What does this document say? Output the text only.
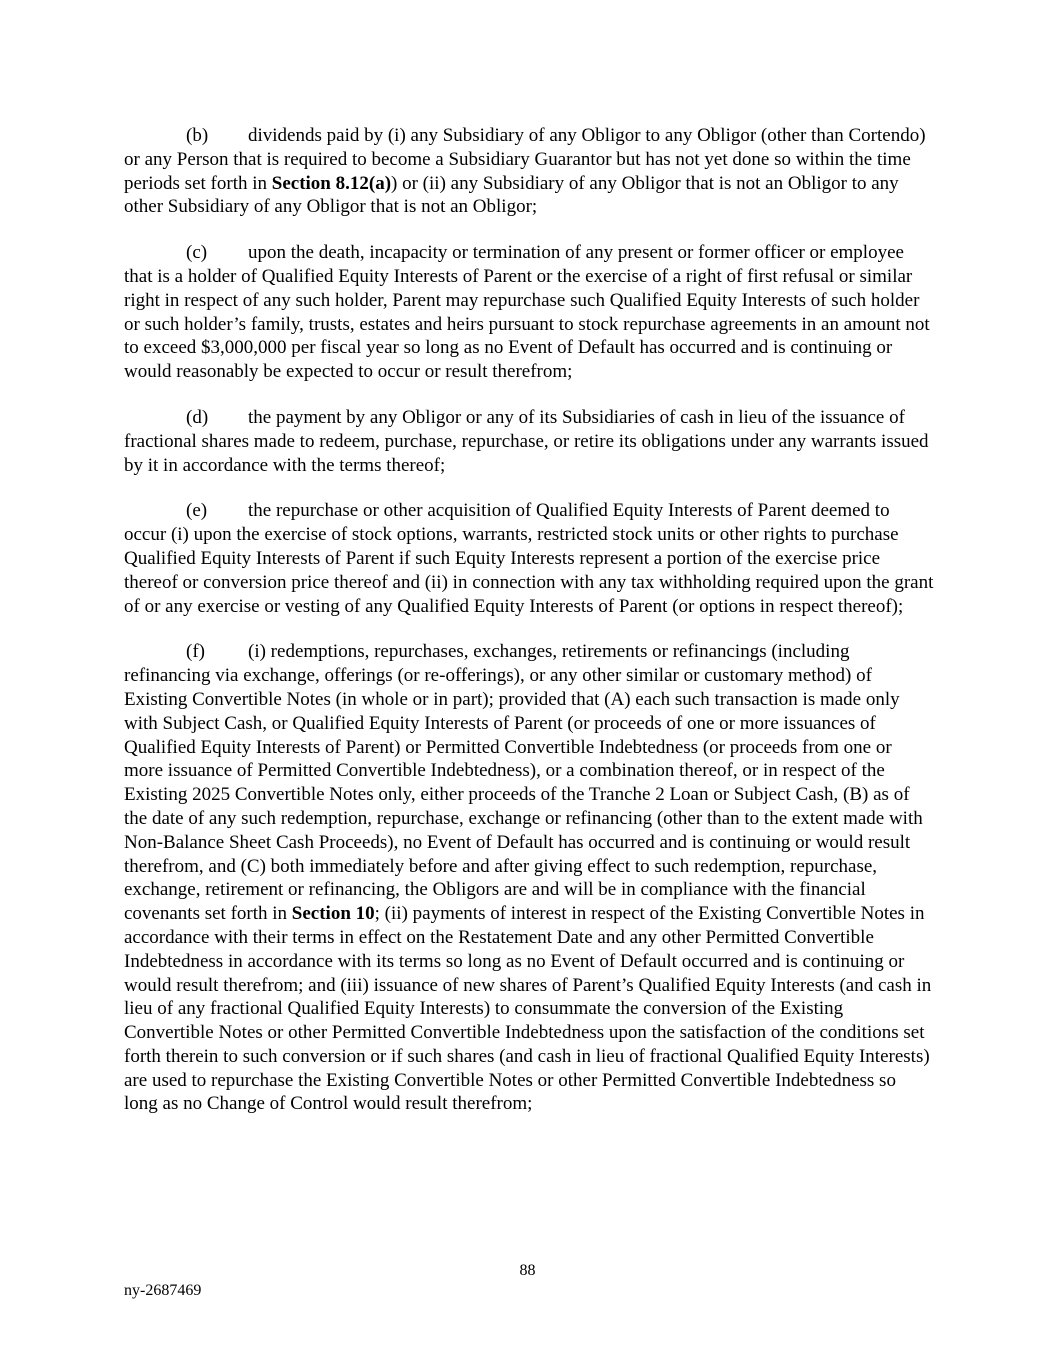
(b) dividends paid by (i) any Subsidiary of any Obligor to any Obligor (other than Cortendo) or any Person that is required to become a Subsidiary Guarantor but has not yet done so within the time periods set forth in Section 8.12(a)) or (ii) any Subsidiary of any Obligor that is not an Obligor to any other Subsidiary of any Obligor that is not an Obligor;

(c) upon the death, incapacity or termination of any present or former officer or employee that is a holder of Qualified Equity Interests of Parent or the exercise of a right of first refusal or similar right in respect of any such holder, Parent may repurchase such Qualified Equity Interests of such holder or such holder’s family, trusts, estates and heirs pursuant to stock repurchase agreements in an amount not to exceed $3,000,000 per fiscal year so long as no Event of Default has occurred and is continuing or would reasonably be expected to occur or result therefrom;

(d) the payment by any Obligor or any of its Subsidiaries of cash in lieu of the issuance of fractional shares made to redeem, purchase, repurchase, or retire its obligations under any warrants issued by it in accordance with the terms thereof;

(e) the repurchase or other acquisition of Qualified Equity Interests of Parent deemed to occur (i) upon the exercise of stock options, warrants, restricted stock units or other rights to purchase Qualified Equity Interests of Parent if such Equity Interests represent a portion of the exercise price thereof or conversion price thereof and (ii) in connection with any tax withholding required upon the grant of or any exercise or vesting of any Qualified Equity Interests of Parent (or options in respect thereof);

(f) (i) redemptions, repurchases, exchanges, retirements or refinancings (including refinancing via exchange, offerings (or re-offerings), or any other similar or customary method) of Existing Convertible Notes (in whole or in part); provided that (A) each such transaction is made only with Subject Cash, or Qualified Equity Interests of Parent (or proceeds of one or more issuances of Qualified Equity Interests of Parent) or Permitted Convertible Indebtedness (or proceeds from one or more issuance of Permitted Convertible Indebtedness), or a combination thereof, or in respect of the Existing 2025 Convertible Notes only, either proceeds of the Tranche 2 Loan or Subject Cash, (B) as of the date of any such redemption, repurchase, exchange or refinancing (other than to the extent made with Non-Balance Sheet Cash Proceeds), no Event of Default has occurred and is continuing or would result therefrom, and (C) both immediately before and after giving effect to such redemption, repurchase, exchange, retirement or refinancing, the Obligors are and will be in compliance with the financial covenants set forth in Section 10; (ii) payments of interest in respect of the Existing Convertible Notes in accordance with their terms in effect on the Restatement Date and any other Permitted Convertible Indebtedness in accordance with its terms so long as no Event of Default occurred and is continuing or would result therefrom; and (iii) issuance of new shares of Parent’s Qualified Equity Interests (and cash in lieu of any fractional Qualified Equity Interests) to consummate the conversion of the Existing Convertible Notes or other Permitted Convertible Indebtedness upon the satisfaction of the conditions set forth therein to such conversion or if such shares (and cash in lieu of fractional Qualified Equity Interests) are used to repurchase the Existing Convertible Notes or other Permitted Convertible Indebtedness so long as no Change of Control would result therefrom;

88
ny-2687469
